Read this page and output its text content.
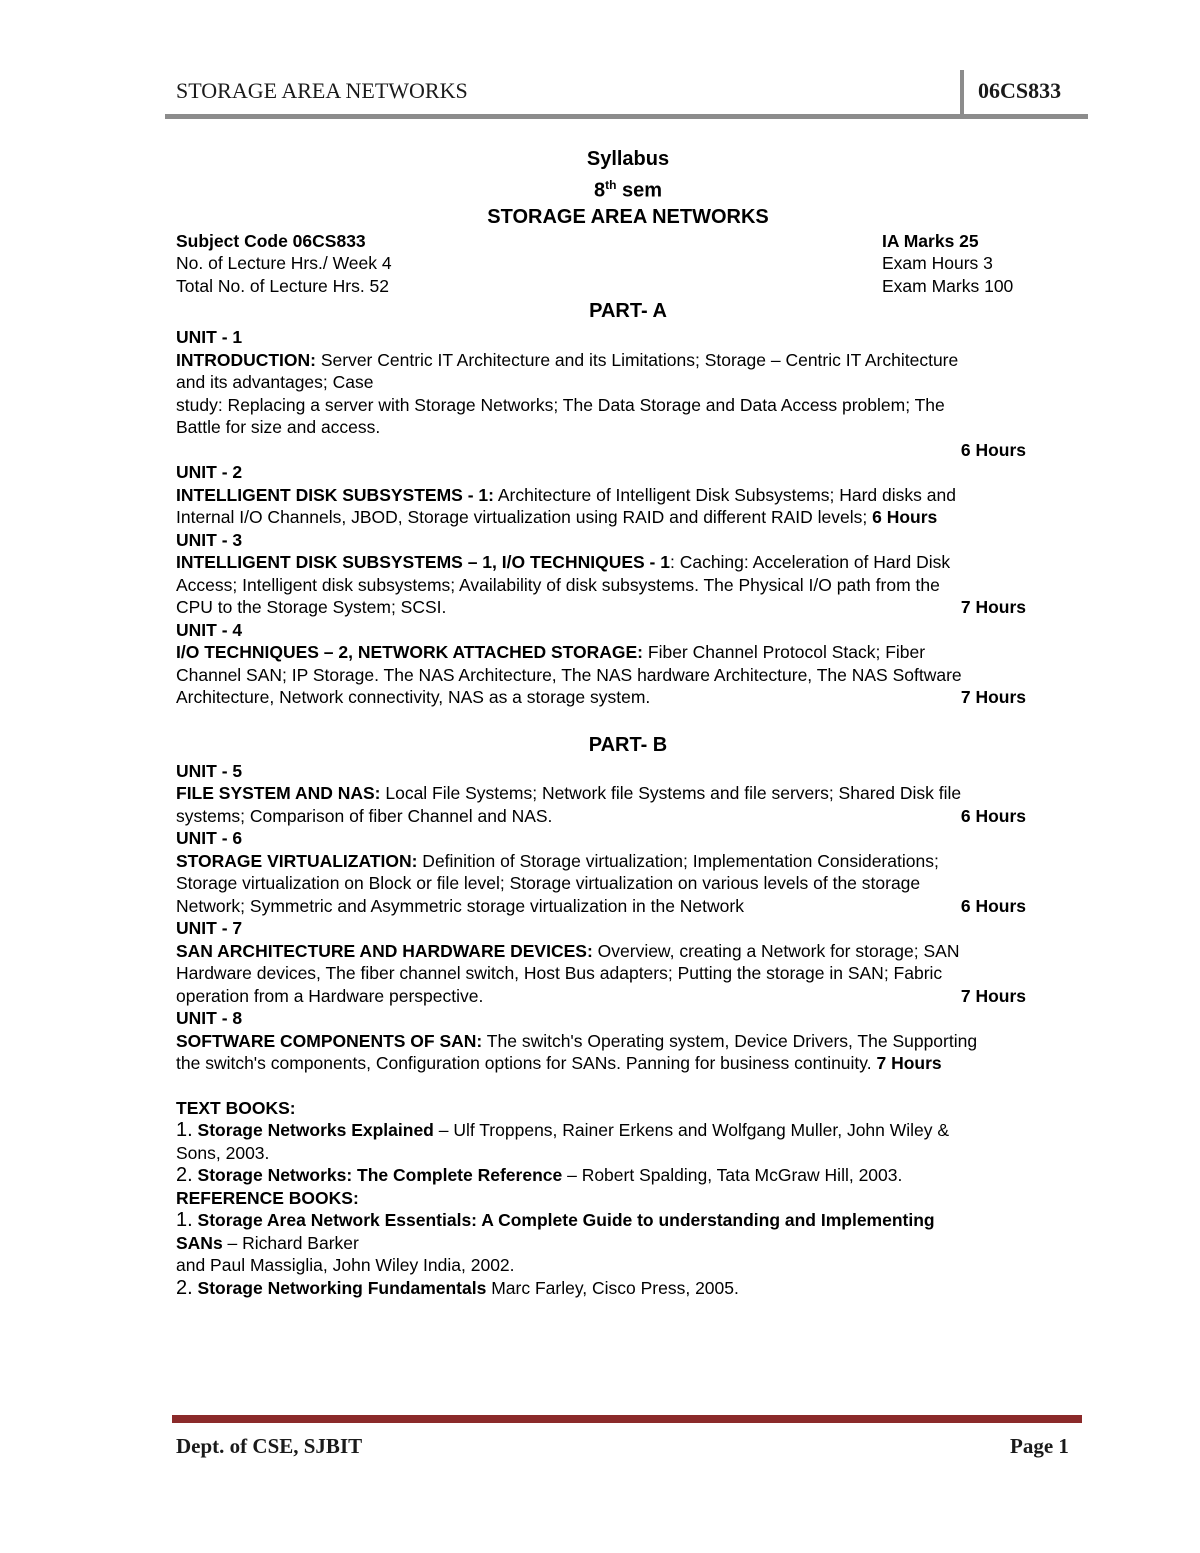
STORAGE AREA NETWORKS	06CS833
Syllabus
8th sem
STORAGE AREA NETWORKS
Subject Code 06CS833	IA Marks 25
No. of Lecture Hrs./ Week 4	Exam Hours 3
Total No. of Lecture Hrs. 52	Exam Marks 100
PART- A
UNIT - 1
INTRODUCTION: Server Centric IT Architecture and its Limitations; Storage – Centric IT Architecture
and its advantages; Case
study: Replacing a server with Storage Networks; The Data Storage and Data Access problem; The
Battle for size and access.
6 Hours
UNIT - 2
INTELLIGENT DISK SUBSYSTEMS - 1: Architecture of Intelligent Disk Subsystems; Hard disks and
Internal I/O Channels, JBOD, Storage virtualization using RAID and different RAID levels; 6 Hours
UNIT - 3
INTELLIGENT DISK SUBSYSTEMS – 1, I/O TECHNIQUES - 1: Caching: Acceleration of Hard Disk
Access; Intelligent disk subsystems; Availability of disk subsystems. The Physical I/O path from the
CPU to the Storage System; SCSI.	7 Hours
UNIT - 4
I/O TECHNIQUES – 2, NETWORK ATTACHED STORAGE: Fiber Channel Protocol Stack; Fiber
Channel SAN; IP Storage. The NAS Architecture, The NAS hardware Architecture, The NAS Software
Architecture, Network connectivity, NAS as a storage system.	7 Hours
PART- B
UNIT - 5
FILE SYSTEM AND NAS: Local File Systems; Network file Systems and file servers; Shared Disk file
systems; Comparison of fiber Channel and NAS.	6 Hours
UNIT - 6
STORAGE VIRTUALIZATION: Definition of Storage virtualization; Implementation Considerations;
Storage virtualization on Block or file level; Storage virtualization on various levels of the storage
Network; Symmetric and Asymmetric storage virtualization in the Network	6 Hours
UNIT - 7
SAN ARCHITECTURE AND HARDWARE DEVICES: Overview, creating a Network for storage; SAN
Hardware devices, The fiber channel switch, Host Bus adapters; Putting the storage in SAN; Fabric
operation from a Hardware perspective.	7 Hours
UNIT - 8
SOFTWARE COMPONENTS OF SAN: The switch's Operating system, Device Drivers, The Supporting
the switch's components, Configuration options for SANs. Panning for business continuity. 7 Hours
TEXT BOOKS:
1. Storage Networks Explained – Ulf Troppens, Rainer Erkens and Wolfgang Muller, John Wiley &
Sons, 2003.
2. Storage Networks: The Complete Reference – Robert Spalding, Tata McGraw Hill, 2003.
REFERENCE BOOKS:
1. Storage Area Network Essentials: A Complete Guide to understanding and Implementing
SANs – Richard Barker
and Paul Massiglia, John Wiley India, 2002.
2. Storage Networking Fundamentals Marc Farley, Cisco Press, 2005.
Dept. of CSE, SJBIT	Page 1
